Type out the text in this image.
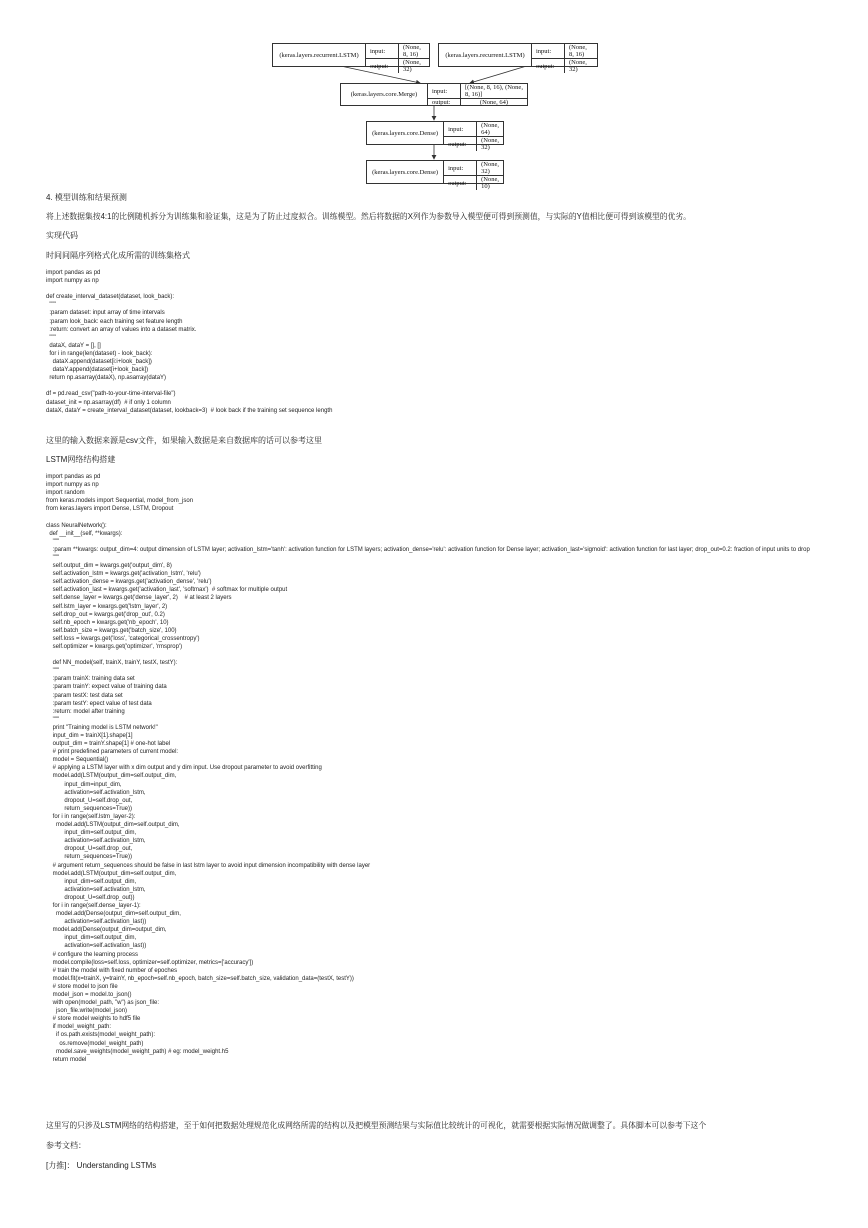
(keras.layers.recurrent.LSTM)
input:	(None, 8, 16)
output:	(None, 32)
(keras.layers.recurrent.LSTM)
input:	(None, 8, 16)
output:	(None, 32)
(keras.layers.core.Merge)	input:	[(None, 8, 16), (None, 8, 16)]
output:	(None, 64)
(keras.layers.core.Dense)
input:	(None, 64)
output:	(None, 32)
(keras.layers.core.Dense)
input:	(None, 32)
output:	(None, 10)
4. 模型训练和结果预测
将上述数据集按4:1的比例随机拆分为训练集和验证集，这是为了防止过度拟合。训练模型。然后将数据的X列作为参数导入模型便可得到预测值，与实际的Y值相比便可得到该模型的优劣。
实现代码
时间间隔序列格式化成所需的训练集格式
import pandas as pd
import numpy as np

def create_interval_dataset(dataset, look_back):
"""
:param dataset: input array of time intervals
:param look_back: each training set feature length
:return: convert an array of values into a dataset matrix.
"""
dataX, dataY = [], []
for i in range(len(dataset) - look_back):
dataX.append(dataset[i:i+look_back])
dataY.append(dataset[i+look_back])
return np.asarray(dataX), np.asarray(dataY)

df = pd.read_csv("path-to-your-time-interval-file")
dataset_init = np.asarray(df)  # if only 1 column
dataX, dataY = create_interval_dataset(dataset, lookback=3)  # look back if the training set sequence length
这里的输入数据来源是csv文件，如果输入数据是来自数据库的话可以参考这里
LSTM网络结构搭建
import pandas as pd
import numpy as np
import random
from keras.models import Sequential, model_from_json
from keras.layers import Dense, LSTM, Dropout

class NeuralNetwork():
def __init__(self, **kwargs):
"""
:param **kwargs: output_dim=4: output dimension of LSTM layer; activation_lstm='tanh': activation function for LSTM layers; activation_dense='relu': activation function for Dense layer; activation_last='sigmoid': activation function for last layer; drop_out=0.2: fraction of input units to drop
"""
self.output_dim = kwargs.get('output_dim', 8)
self.activation_lstm = kwargs.get('activation_lstm', 'relu')
self.activation_dense = kwargs.get('activation_dense', 'relu')
self.activation_last = kwargs.get('activation_last', 'softmax')  # softmax for multiple output
self.dense_layer = kwargs.get('dense_layer', 2)    # at least 2 layers
self.lstm_layer = kwargs.get('lstm_layer', 2)
self.drop_out = kwargs.get('drop_out', 0.2)
self.nb_epoch = kwargs.get('nb_epoch', 10)
self.batch_size = kwargs.get('batch_size', 100)
self.loss = kwargs.get('loss', 'categorical_crossentropy')
self.optimizer = kwargs.get('optimizer', 'rmsprop')

def NN_model(self, trainX, trainY, testX, testY):
"""
:param trainX: training data set
:param trainY: expect value of training data
:param testX: test data set
:param testY: epect value of test data
:return: model after training
"""
print "Training model is LSTM network!"
input_dim = trainX[1].shape[1]
output_dim = trainY.shape[1] # one-hot label
# print predefined parameters of current model:
model = Sequential()
# applying a LSTM layer with x dim output and y dim input. Use dropout parameter to avoid overfitting
model.add(LSTM(output_dim=self.output_dim,
input_dim=input_dim,
activation=self.activation_lstm,
dropout_U=self.drop_out,
return_sequences=True))
for i in range(self.lstm_layer-2):
model.add(LSTM(output_dim=self.output_dim,
input_dim=self.output_dim,
activation=self.activation_lstm,
dropout_U=self.drop_out,
return_sequences=True))
# argument return_sequences should be false in last lstm layer to avoid input dimension incompatibility with dense layer
model.add(LSTM(output_dim=self.output_dim,
input_dim=self.output_dim,
activation=self.activation_lstm,
dropout_U=self.drop_out))
for i in range(self.dense_layer-1):
model.add(Dense(output_dim=self.output_dim,
activation=self.activation_last))
model.add(Dense(output_dim=output_dim,
input_dim=self.output_dim,
activation=self.activation_last))
# configure the learning process
model.compile(loss=self.loss, optimizer=self.optimizer, metrics=['accuracy'])
# train the model with fixed number of epoches
model.fit(x=trainX, y=trainY, nb_epoch=self.nb_epoch, batch_size=self.batch_size, validation_data=(testX, testY))
# store model to json file
model_json = model.to_json()
with open(model_path, "w") as json_file:
json_file.write(model_json)
# store model weights to hdf5 file
if model_weight_path:
if os.path.exists(model_weight_path):
os.remove(model_weight_path)
model.save_weights(model_weight_path) # eg: model_weight.h5
return model
这里写的只涉及LSTM网络的结构搭建，至于如何把数据处理规范化成网络所需的结构以及把模型预测结果与实际值比较统计的可视化，就需要根据实际情况做调整了。具体脚本可以参考下这个
参考文档：
[力推]： Understanding LSTMs
